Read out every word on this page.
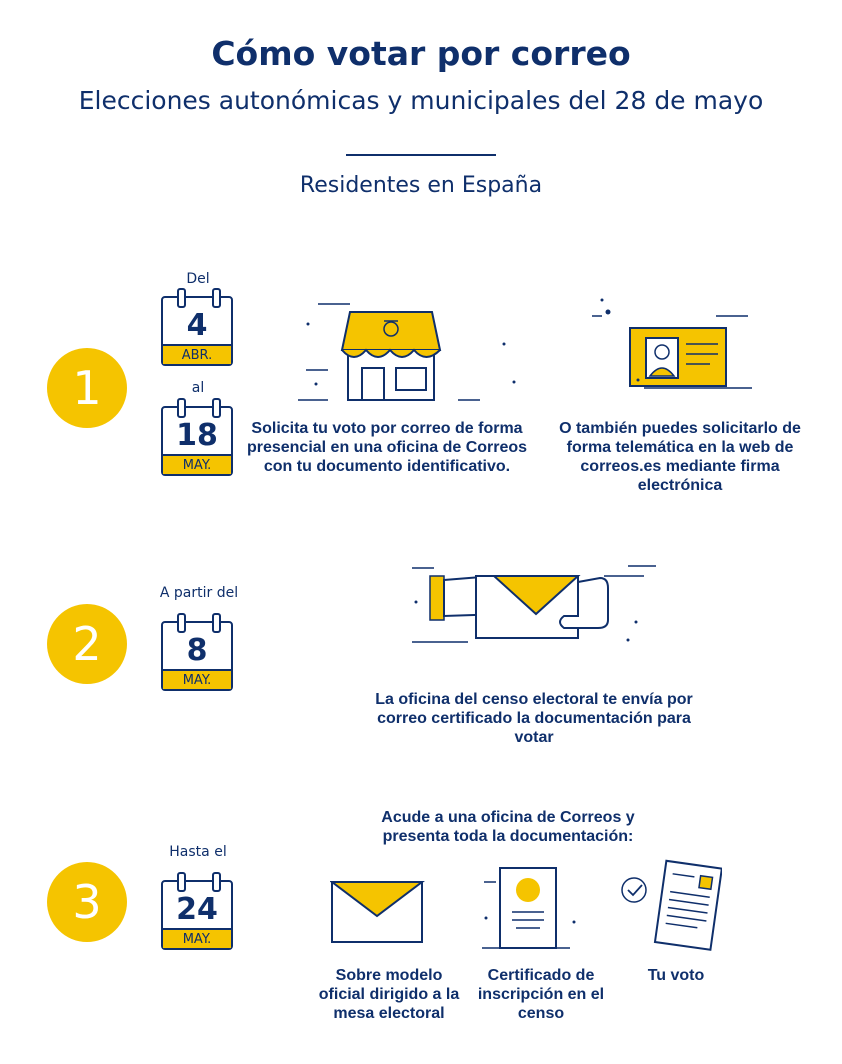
Cómo votar por correo
Elecciones autonómicas y municipales del 28 de mayo
Residentes en España
1
Del
4
ABR.
al
18
MAY.
Solicita tu voto por correo de forma presencial en una oficina de Correos con tu documento identificativo.
O también puedes solicitarlo de forma telemática en la web de correos.es mediante firma electrónica
2
A partir del
8
MAY.
La oficina del censo electoral te envía por correo certificado la documentación para votar
3
Hasta el
24
MAY.
Acude a una oficina de Correos y presenta toda la documentación:
Sobre modelo oficial dirigido a la mesa electoral
Certificado de inscripción en el censo
Tu voto
